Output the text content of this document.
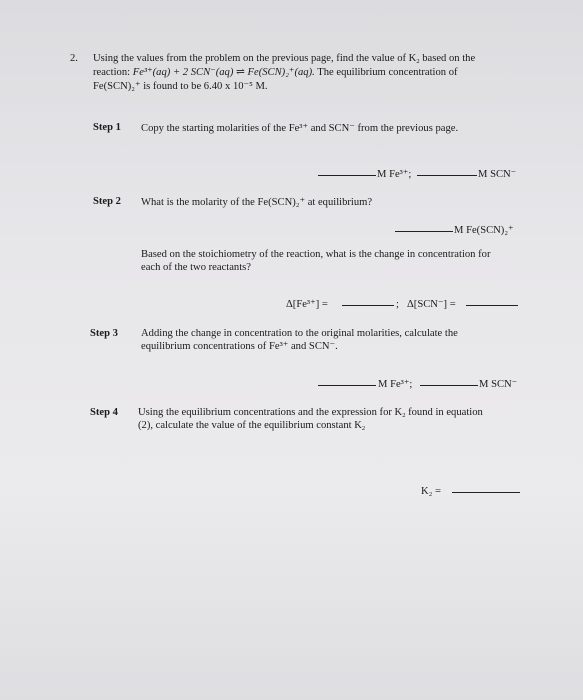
2. Using the values from the problem on the previous page, find the value of $K_2$ based on the
reaction: Fe³⁺(aq) + 2 SCN⁻(aq) ⇌ Fe(SCN)₂⁺(aq). The equilibrium concentration of
Fe(SCN)₂⁺ is found to be 6.40 x 10⁻⁵ M.
Step 1 Copy the starting molarities of the Fe³⁺ and SCN⁻ from the previous page.
M Fe³⁺;	M SCN⁻
Step 2 What is the molarity of the Fe(SCN)₂⁺ at equilibrium?
M Fe(SCN)₂⁺
Based on the stoichiometry of the reaction, what is the change in concentration for
each of the two reactants?
Δ[Fe³⁺] =	; Δ[SCN⁻] =
Step 3 Adding the change in concentration to the original molarities, calculate the
equilibrium concentrations of Fe³⁺ and SCN⁻.
M Fe³⁺;	M SCN⁻
Step 4 Using the equilibrium concentrations and the expression for $K_2$ found in equation
(2), calculate the value of the equilibrium constant $K_2$
K₂ =
